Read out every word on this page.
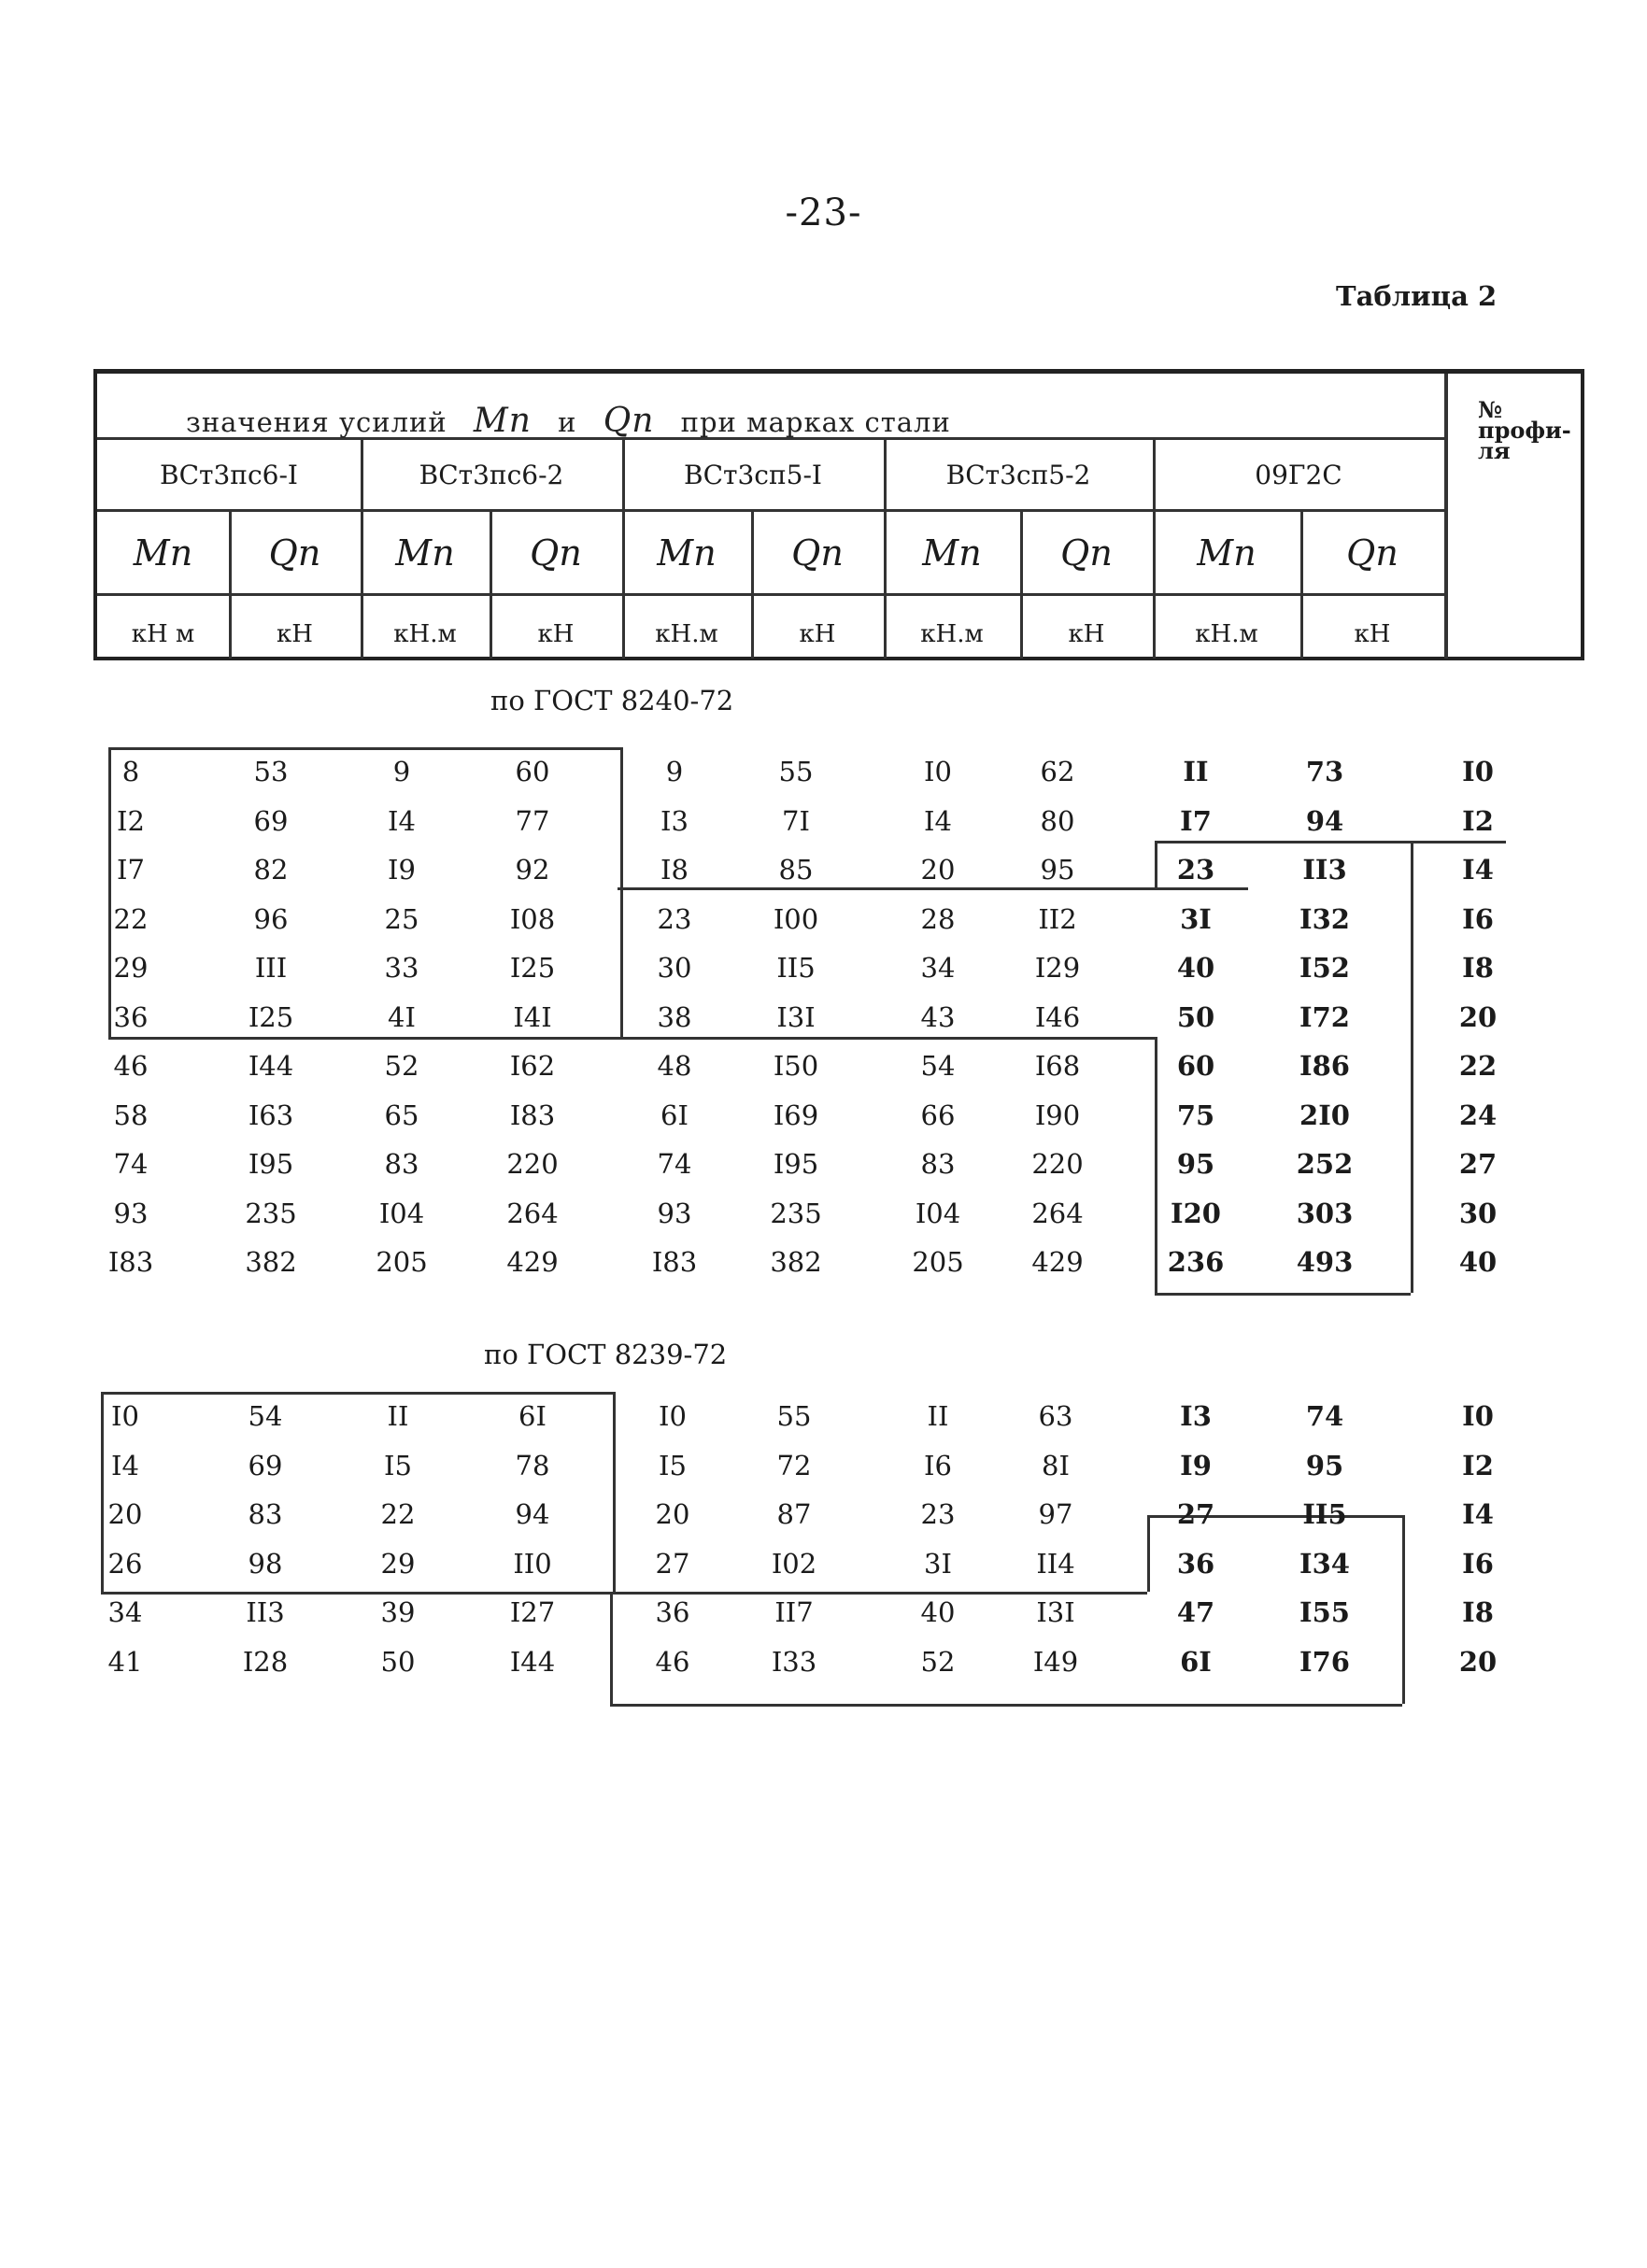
-23-
Таблица 2
значения усилий Mn и Qn при марках стали	№ профи- ля
ВСт3пс6-I	ВСт3пс6-2	ВСт3сп5-I	ВСт3сп5-2	09Г2С
Mn	Qn	Mn	Qn	Mn	Qn	Mn	Qn	Mn	Qn
кН м	кН	кН.м	кН	кН.м	кН	кН.м	кН	кН.м	кН
по ГОСТ 8240-72
8	53	9	60	9	55	I0	62	II	73	I0
I2	69	I4	77	I3	7I	I4	80	I7	94	I2
I7	82	I9	92	I8	85	20	95	23	II3	I4
22	96	25	I08	23	I00	28	II2	3I	I32	I6
29	III	33	I25	30	II5	34	I29	40	I52	I8
36	I25	4I	I4I	38	I3I	43	I46	50	I72	20
46	I44	52	I62	48	I50	54	I68	60	I86	22
58	I63	65	I83	6I	I69	66	I90	75	2I0	24
74	I95	83	220	74	I95	83	220	95	252	27
93	235	I04	264	93	235	I04	264	I20	303	30
I83	382	205	429	I83	382	205	429	236	493	40
по ГОСТ 8239-72
I0	54	II	6I	I0	55	II	63	I3	74	I0
I4	69	I5	78	I5	72	I6	8I	I9	95	I2
20	83	22	94	20	87	23	97	27	II5	I4
26	98	29	II0	27	I02	3I	II4	36	I34	I6
34	II3	39	I27	36	II7	40	I3I	47	I55	I8
41	I28	50	I44	46	I33	52	I49	6I	I76	20
